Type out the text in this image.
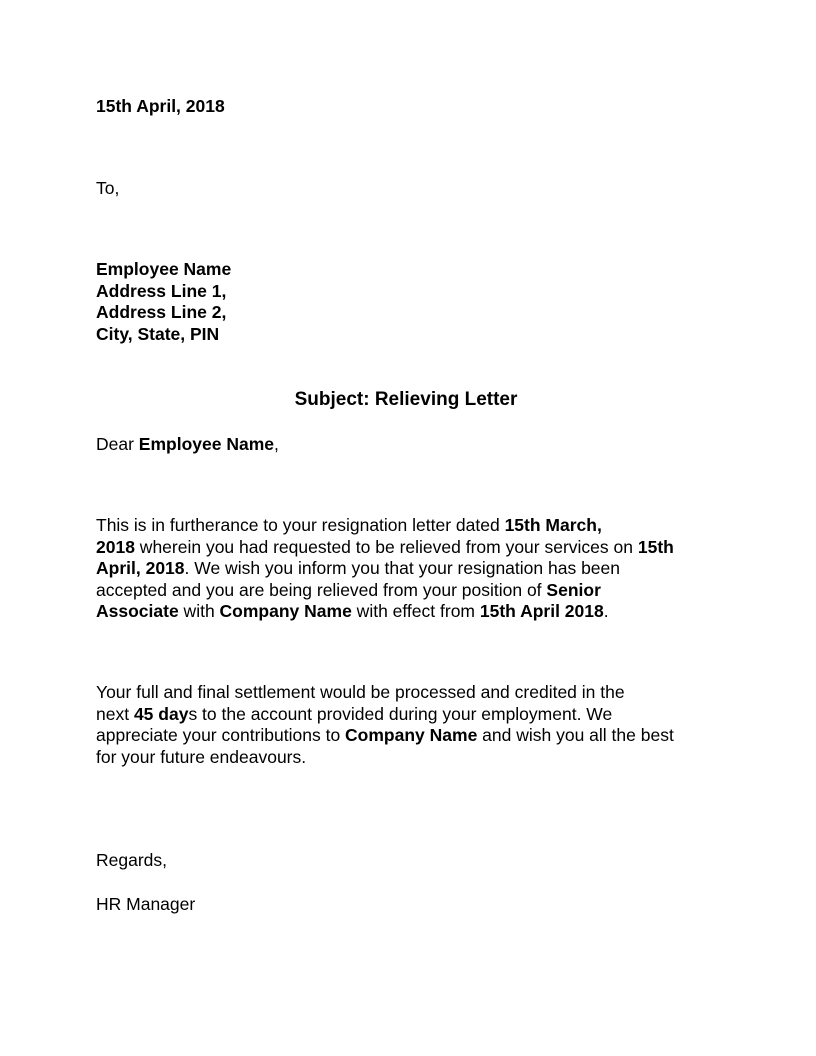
15th April, 2018

To,

Employee Name
Address Line 1,
Address Line 2,
City, State, PIN

Subject: Relieving Letter

Dear Employee Name,

This is in furtherance to your resignation letter dated 15th March,
2018 wherein you had requested to be relieved from your services on 15th
April, 2018. We wish you inform you that your resignation has been
accepted and you are being relieved from your position of Senior
Associate with Company Name with effect from 15th April 2018.
Your full and final settlement would be processed and credited in the
next 45 days to the account provided during your employment. We
appreciate your contributions to Company Name and wish you all the best
for your future endeavours.

Regards,

HR Manager
